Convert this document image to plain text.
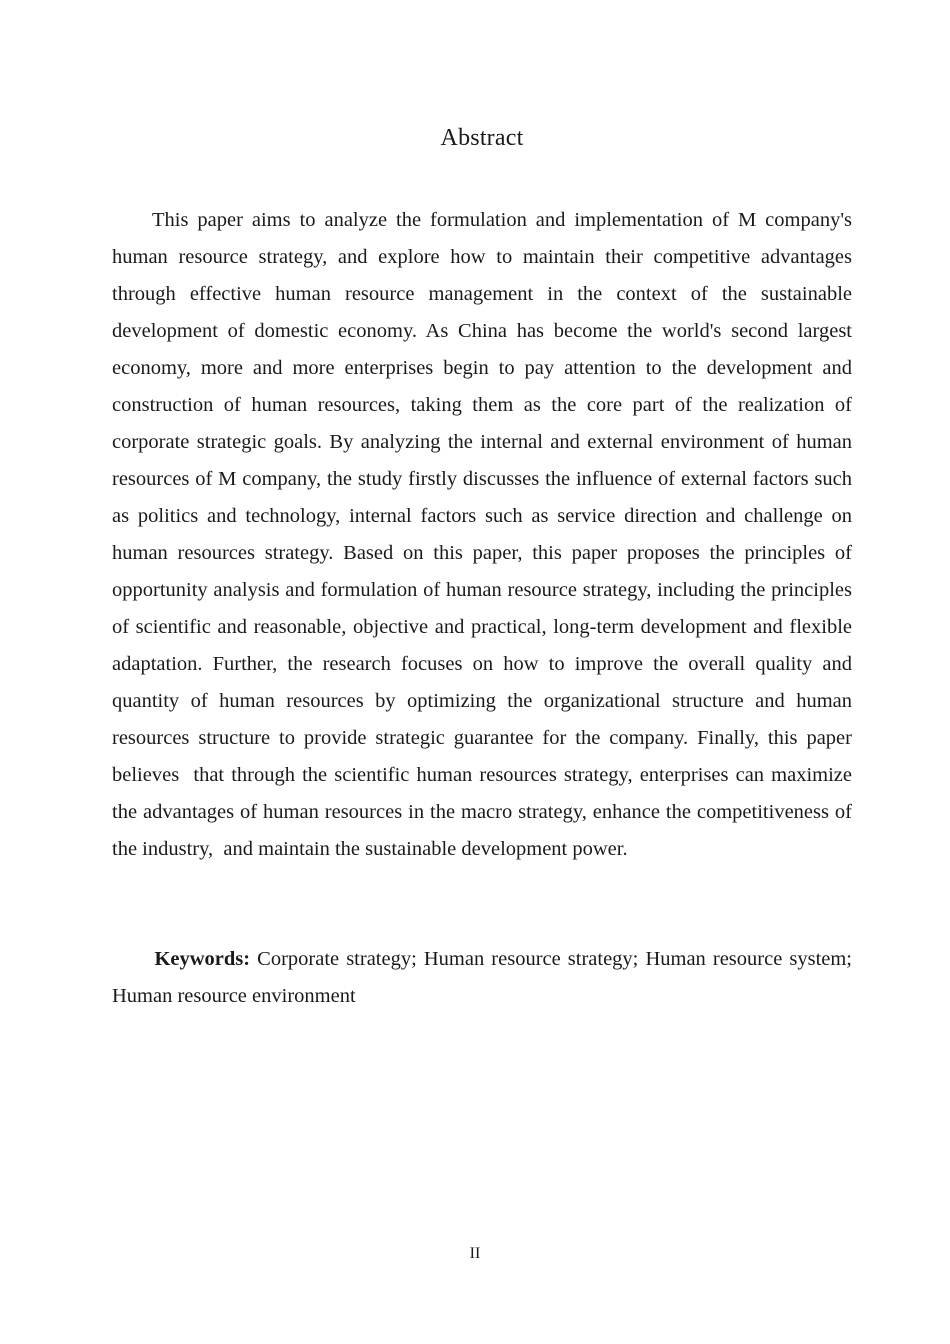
Abstract

This paper aims to analyze the formulation and implementation of M company's human resource strategy, and explore how to maintain their competitive advantages through effective human resource management in the context of the sustainable development of domestic economy. As China has become the world's second largest economy, more and more enterprises begin to pay attention to the development and construction of human resources, taking them as the core part of the realization of corporate strategic goals. By analyzing the internal and external environment of human resources of M company, the study firstly discusses the influence of external factors such as politics and technology, internal factors such as service direction and challenge on human resources strategy. Based on this paper, this paper proposes the principles of opportunity analysis and formulation of human resource strategy, including the principles of scientific and reasonable, objective and practical, long-term development and flexible adaptation. Further, the research focuses on how to improve the overall quality and quantity of human resources by optimizing the organizational structure and human resources structure to provide strategic guarantee for the company. Finally, this paper believes  that through the scientific human resources strategy, enterprises can maximize the advantages of human resources in the macro strategy, enhance the competitiveness of the industry,  and maintain the sustainable development power.

Keywords: Corporate strategy; Human resource strategy; Human resource system; Human resource environment

II
